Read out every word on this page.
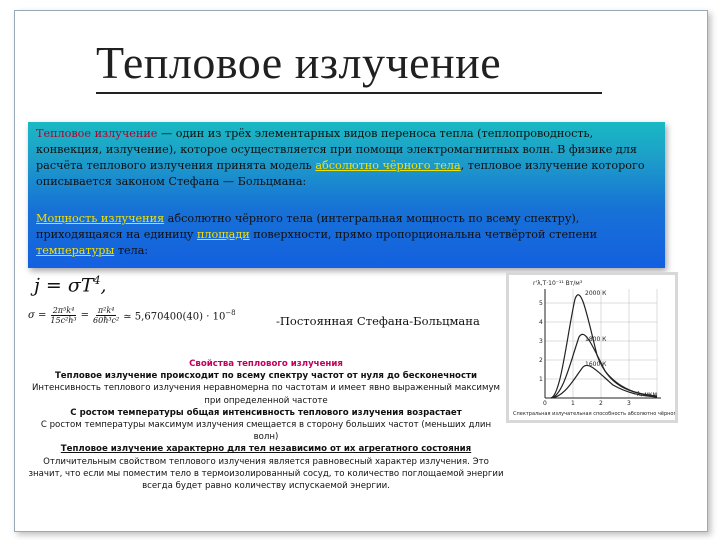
Тепловое излучение
Тепловое излучение — один из трёх элементарных видов переноса тепла (теплопроводность, конвекция, излучение), которое осуществляется при помощи электромагнитных волн. В физике для расчёта теплового излучения принята модель абсолютно чёрного тела, тепловое излучение которого описывается законом Стефана — Больцмана:
Мощность излучения абсолютно чёрного тела (интегральная мощность по всему спектру), приходящаяся на единицу площади поверхности, прямо пропорциональна четвёртой степени температуры тела:
$j = \sigma T^4$,
$\sigma = \frac{\text{2π⁵k⁴}}{\text{15c²h³}} = \frac{\text{π²k⁴}}{\text{60ħ³c²}}$ ≃ $5,670400(40) \cdot 10^{-8}$
-Постоянная Стефана-Больцмана
r'λ,Т·10⁻¹¹ Вт/м³
1
2
3
4
5
0	1	2	3
λ, мкм
2000 К
1800 К
1600 К
Спектральная излучательная способность абсолютно чёрного тела
Свойства теплового излучения
Тепловое излучение происходит по всему спектру частот от нуля до бесконечности
Интенсивность теплового излучения неравномерна по частотам и имеет явно выраженный максимум при определенной частоте
С ростом температуры общая интенсивность теплового излучения возрастает
С ростом температуры максимум излучения смещается в сторону больших частот (меньших длин волн)
Тепловое излучение характерно для тел независимо от их агрегатного состояния
Отличительным свойством теплового излучения является равновесный характер излучения. Это значит, что если мы поместим тело в термоизолированный сосуд, то количество поглощаемой энергии всегда будет равно количеству испускаемой энергии.
